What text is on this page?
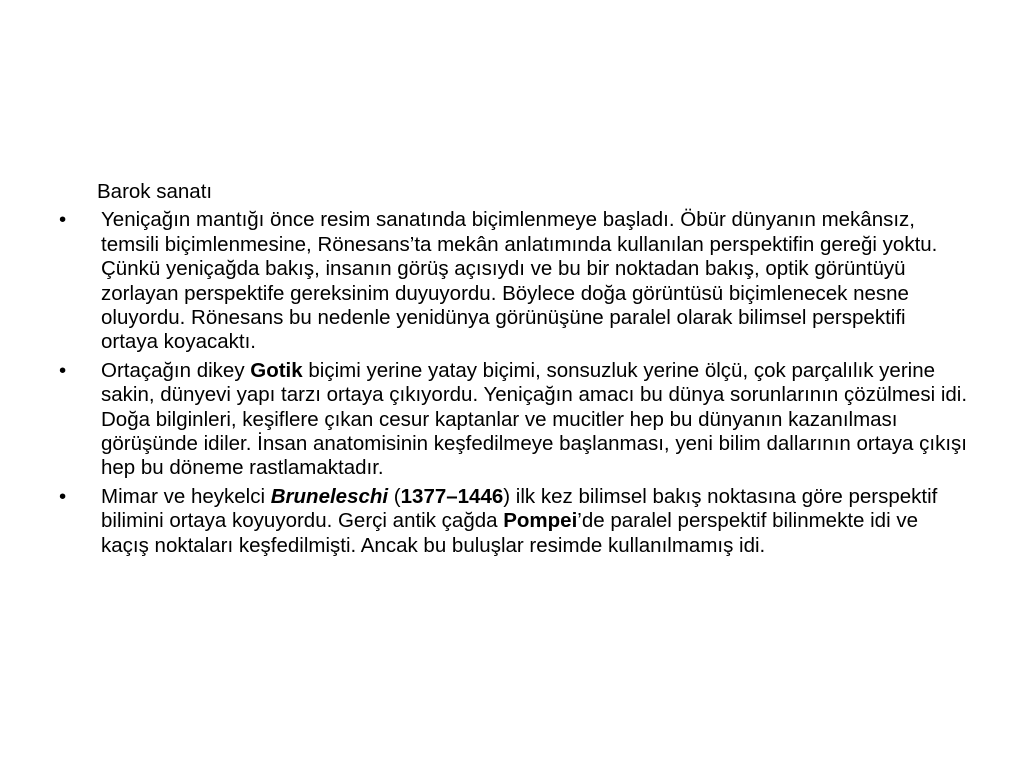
Barok sanatı
• Yeniçağın mantığı önce resim sanatında biçimlenmeye başladı. Öbür dünyanın mekânsız, temsili biçimlenmesine, Rönesans’ta mekân anlatımında kullanılan perspektifin gereği yoktu. Çünkü yeniçağda bakış, insanın görüş açısıydı ve bu bir noktadan bakış, optik görüntüyü zorlayan perspektife gereksinim duyuyordu. Böylece doğa görüntüsü biçimlenecek nesne oluyordu. Rönesans bu nedenle yenidünya görünüşüne paralel olarak bilimsel perspektifi ortaya koyacaktı.
• Ortaçağın dikey Gotik biçimi yerine yatay biçimi, sonsuzluk yerine ölçü, çok parçalılık yerine sakin, dünyevi yapı tarzı ortaya çıkıyordu. Yeniçağın amacı bu dünya sorunlarının çözülmesi idi. Doğa bilginleri, keşiflere çıkan cesur kaptanlar ve mucitler hep bu dünyanın kazanılması görüşünde idiler. İnsan anatomisinin keşfedilmeye başlanması, yeni bilim dallarının ortaya çıkışı hep bu döneme rastlamaktadır.
• Mimar ve heykelci Bruneleschi (1377–1446) ilk kez bilimsel bakış noktasına göre perspektif bilimini ortaya koyuyordu. Gerçi antik çağda Pompei’de paralel perspektif bilinmekte idi ve kaçış noktaları keşfedilmişti. Ancak bu buluşlar resimde kullanılmamış idi.
